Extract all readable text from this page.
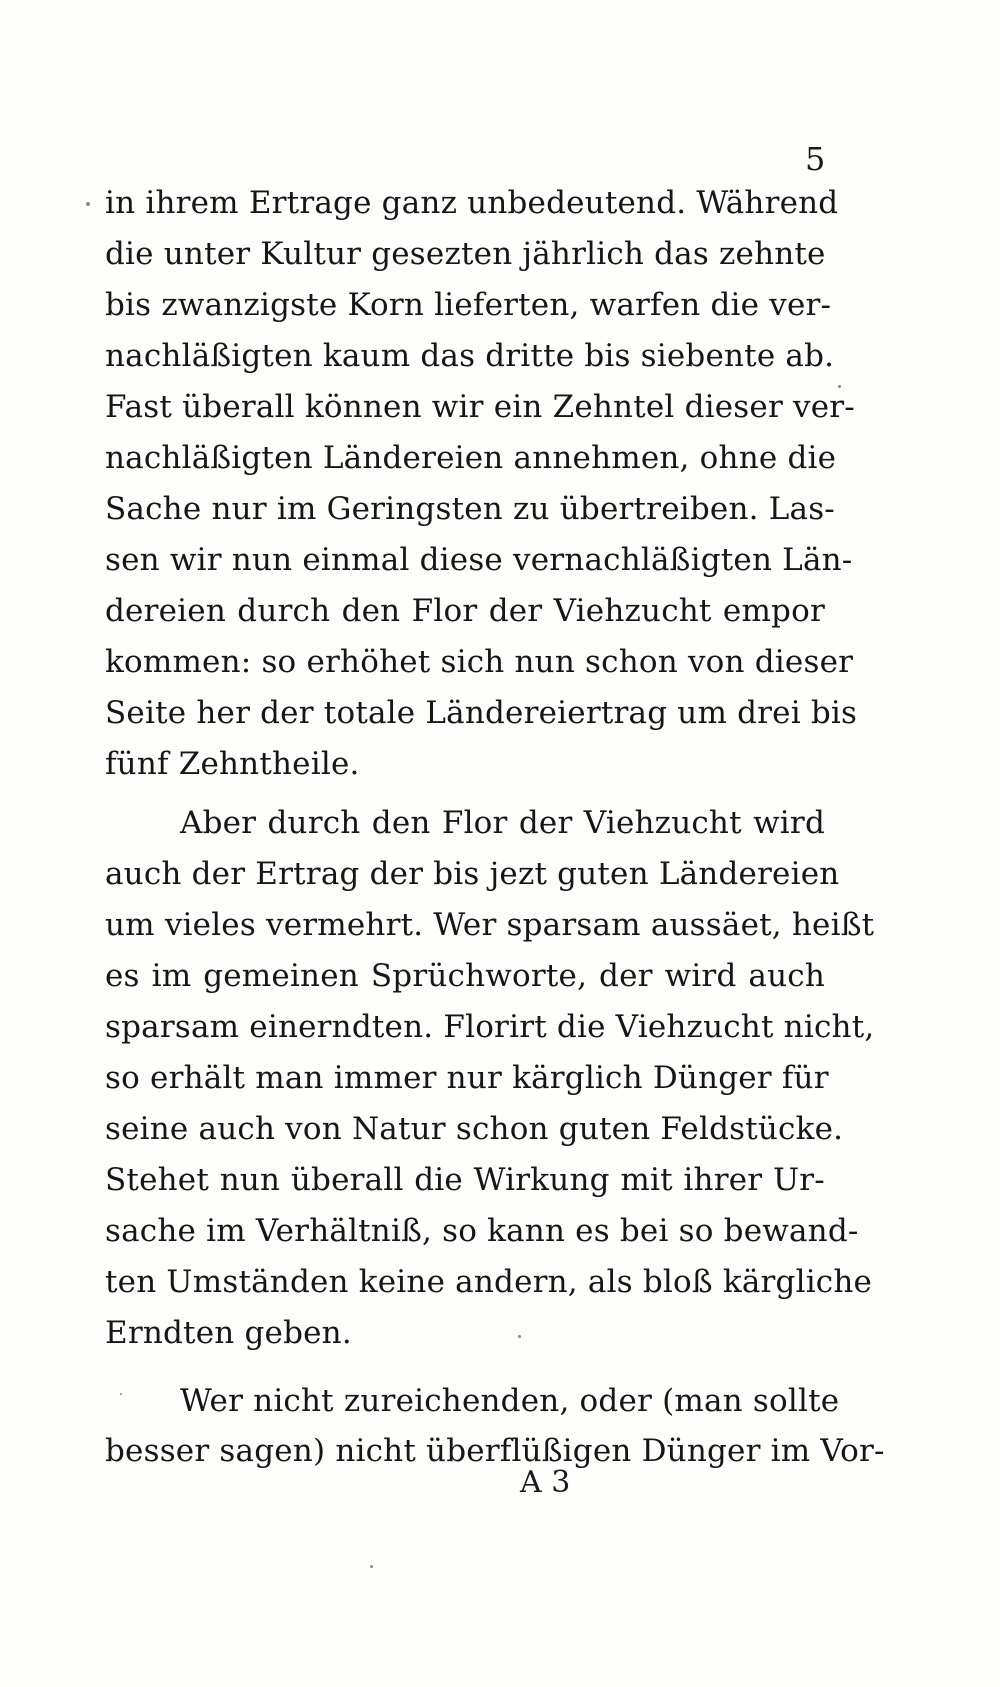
5
in ihrem Ertrage ganz unbedeutend. Während
die unter Kultur gesezten jährlich das zehnte
bis zwanzigste Korn lieferten, warfen die ver-
nachläßigten kaum das dritte bis siebente ab.
Fast überall können wir ein Zehntel dieser ver-
nachläßigten Ländereien annehmen, ohne die
Sache nur im Geringsten zu übertreiben. Las-
sen wir nun einmal diese vernachläßigten Län-
dereien durch den Flor der Viehzucht empor
kommen: so erhöhet sich nun schon von dieser
Seite her der totale Ländereiertrag um drei bis
fünf Zehntheile.
Aber durch den Flor der Viehzucht wird
auch der Ertrag der bis jezt guten Ländereien
um vieles vermehrt. Wer sparsam aussäet, heißt
es im gemeinen Sprüchworte, der wird auch
sparsam einerndten. Florirt die Viehzucht nicht,
so erhält man immer nur kärglich Dünger für
seine auch von Natur schon guten Feldstücke.
Stehet nun überall die Wirkung mit ihrer Ur-
sache im Verhältniß, so kann es bei so bewand-
ten Umständen keine andern, als bloß kärgliche
Erndten geben.
Wer nicht zureichenden, oder (man sollte
besser sagen) nicht überflüßigen Dünger im Vor-
A 3
